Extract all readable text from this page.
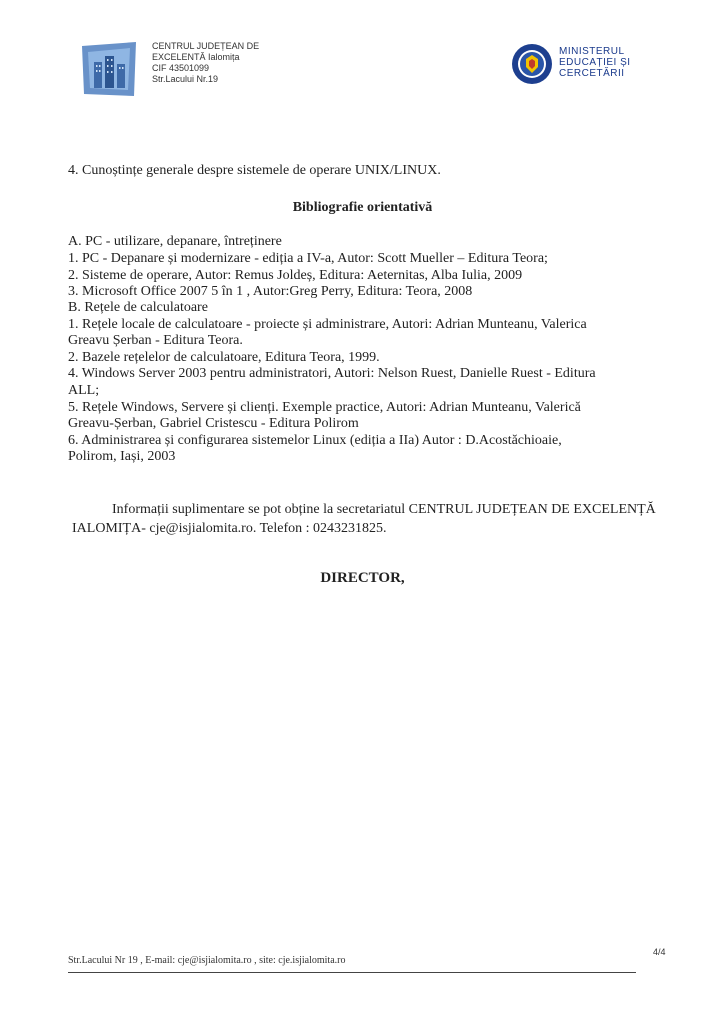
CENTRUL JUDEȚEAN DE
EXCELENTĂ Ialomița
CIF 43501099
Str.Lacului Nr.19
MINISTERUL
EDUCAȚIEI ȘI
CERCETĂRII
4. Cunoștințe generale despre sistemele de operare UNIX/LINUX.
Bibliografie orientativă
A. PC - utilizare, depanare, întreținere
1. PC - Depanare și modernizare - ediția a IV-a, Autor: Scott Mueller – Editura Teora;
2. Sisteme de operare, Autor: Remus Joldeș, Editura: Aeternitas, Alba Iulia, 2009
3. Microsoft Office 2007 5 în 1 , Autor:Greg Perry, Editura: Teora, 2008
B. Rețele de calculatoare
1. Rețele locale de calculatoare - proiecte și administrare, Autori: Adrian Munteanu, Valerica
Greavu Șerban - Editura Teora.
2. Bazele rețelelor de calculatoare, Editura Teora, 1999.
4. Windows Server 2003 pentru administratori, Autori: Nelson Ruest, Danielle Ruest - Editura
ALL;
5. Rețele Windows, Servere și clienți. Exemple practice, Autori: Adrian Munteanu, Valerică
Greavu-Șerban, Gabriel Cristescu - Editura Polirom
6. Administrarea și configurarea sistemelor Linux (ediția a IIa) Autor : D.Acostăchioaie,
Polirom, Iași, 2003
Informații suplimentare se pot obține la secretariatul CENTRUL JUDEȚEAN DE EXCELENȚĂ
IALOMIȚA- cje@isjialomita.ro. Telefon : 0243231825.
DIRECTOR,
4/4
Str.Lacului Nr 19 , E-mail: cje@isjialomita.ro , site: cje.isjialomita.ro
